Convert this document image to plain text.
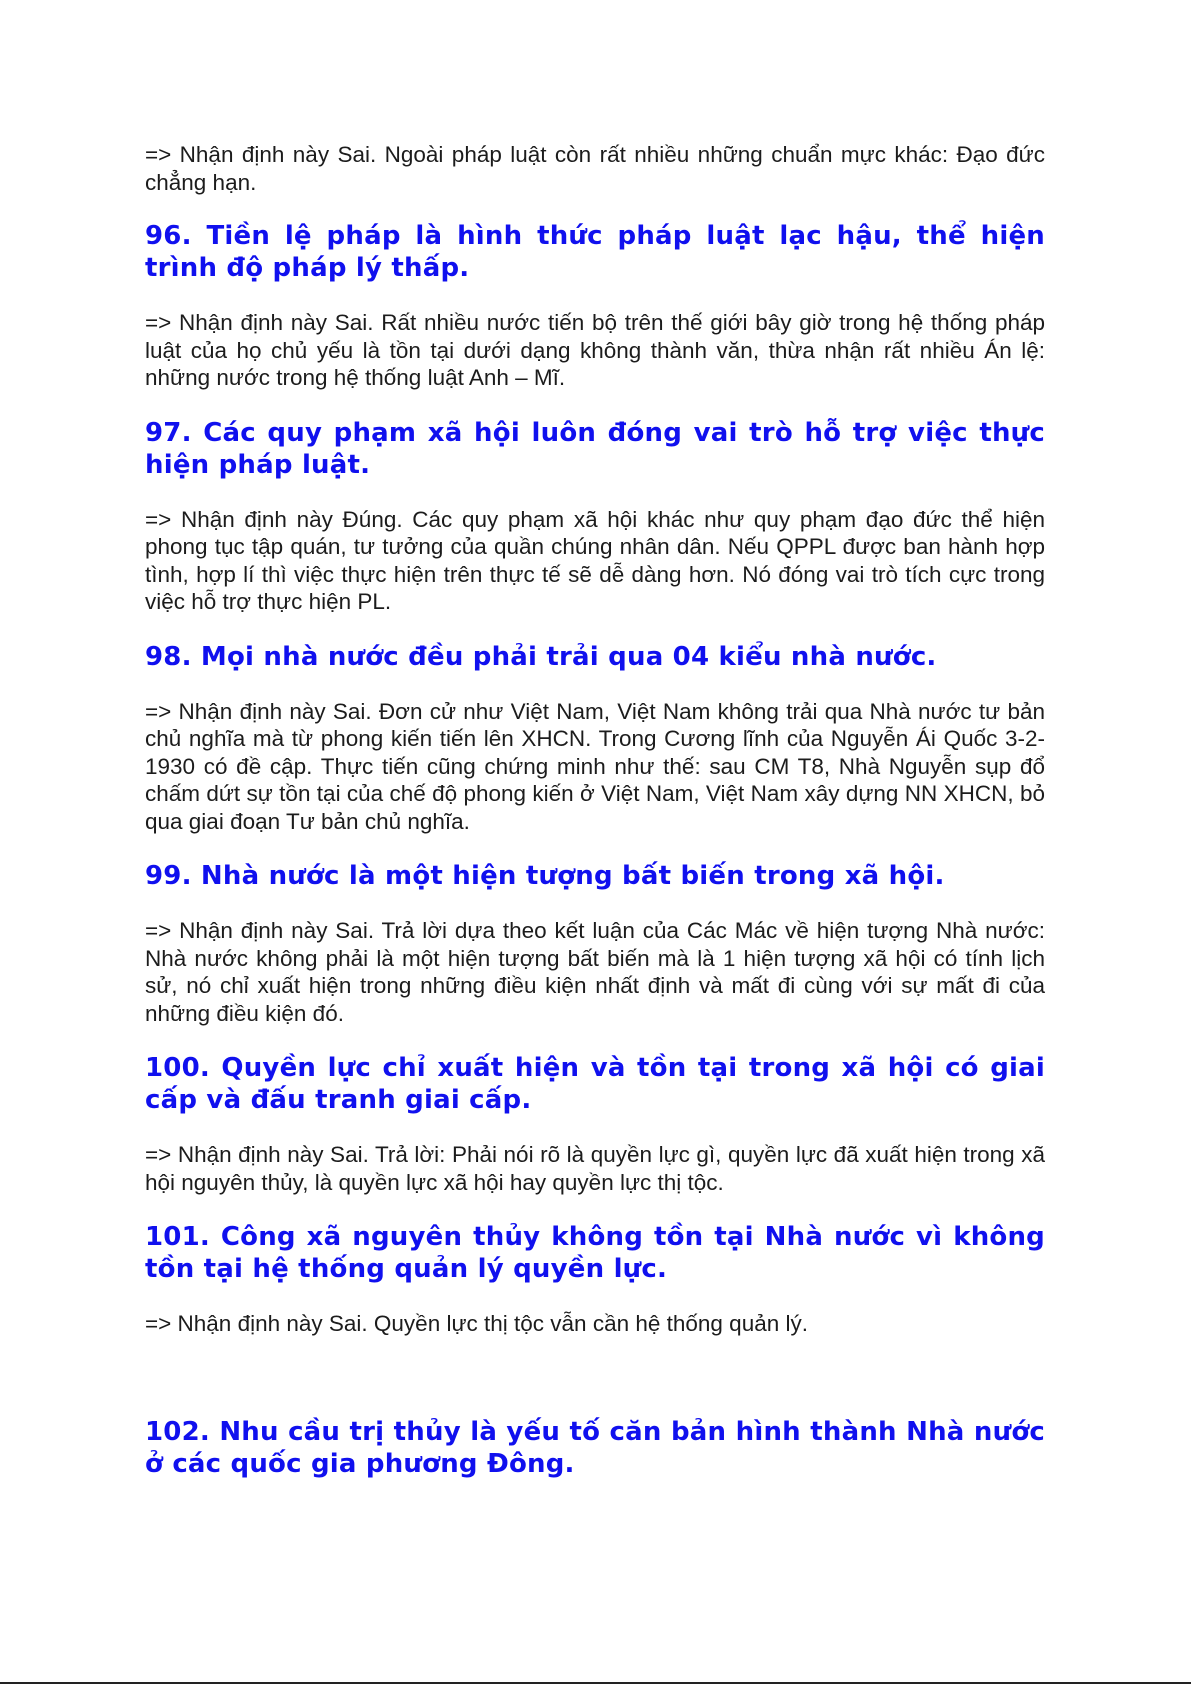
=> Nhận định này Sai. Ngoài pháp luật còn rất nhiều những chuẩn mực khác: Đạo đức chẳng hạn.

96. Tiền lệ pháp là hình thức pháp luật lạc hậu, thể hiện trình độ pháp lý thấp.

=> Nhận định này Sai. Rất nhiều nước tiến bộ trên thế giới bây giờ trong hệ thống pháp luật của họ chủ yếu là tồn tại dưới dạng không thành văn, thừa nhận rất nhiều Án lệ: những nước trong hệ thống luật Anh – Mĩ.

97. Các quy phạm xã hội luôn đóng vai trò hỗ trợ việc thực hiện pháp luật.

=> Nhận định này Đúng. Các quy phạm xã hội khác như quy phạm đạo đức thể hiện phong tục tập quán, tư tưởng của quần chúng nhân dân. Nếu QPPL được ban hành hợp tình, hợp lí thì việc thực hiện trên thực tế sẽ dễ dàng hơn. Nó đóng vai trò tích cực trong việc hỗ trợ thực hiện PL.

98. Mọi nhà nước đều phải trải qua 04 kiểu nhà nước.

=> Nhận định này Sai. Đơn cử như Việt Nam, Việt Nam không trải qua Nhà nước tư bản chủ nghĩa mà từ phong kiến tiến lên XHCN. Trong Cương lĩnh của Nguyễn Ái Quốc 3-2-1930 có đề cập. Thực tiến cũng chứng minh như thế: sau CM T8, Nhà Nguyễn sụp đổ chấm dứt sự tồn tại của chế độ phong kiến ở Việt Nam, Việt Nam xây dựng NN XHCN, bỏ qua giai đoạn Tư bản chủ nghĩa.

99. Nhà nước là một hiện tượng bất biến trong xã hội.

=> Nhận định này Sai. Trả lời dựa theo kết luận của Các Mác về hiện tượng Nhà nước: Nhà nước không phải là một hiện tượng bất biến mà là 1 hiện tượng xã hội có tính lịch sử, nó chỉ xuất hiện trong những điều kiện nhất định và mất đi cùng với sự mất đi của những điều kiện đó.

100. Quyền lực chỉ xuất hiện và tồn tại trong xã hội có giai cấp và đấu tranh giai cấp.

=> Nhận định này Sai. Trả lời: Phải nói rõ là quyền lực gì, quyền lực đã xuất hiện trong xã hội nguyên thủy, là quyền lực xã hội hay quyền lực thị tộc.

101. Công xã nguyên thủy không tồn tại Nhà nước vì không tồn tại hệ thống quản lý quyền lực.

=> Nhận định này Sai. Quyền lực thị tộc vẫn cần hệ thống quản lý.

102. Nhu cầu trị thủy là yếu tố căn bản hình thành Nhà nước ở các quốc gia phương Đông.
